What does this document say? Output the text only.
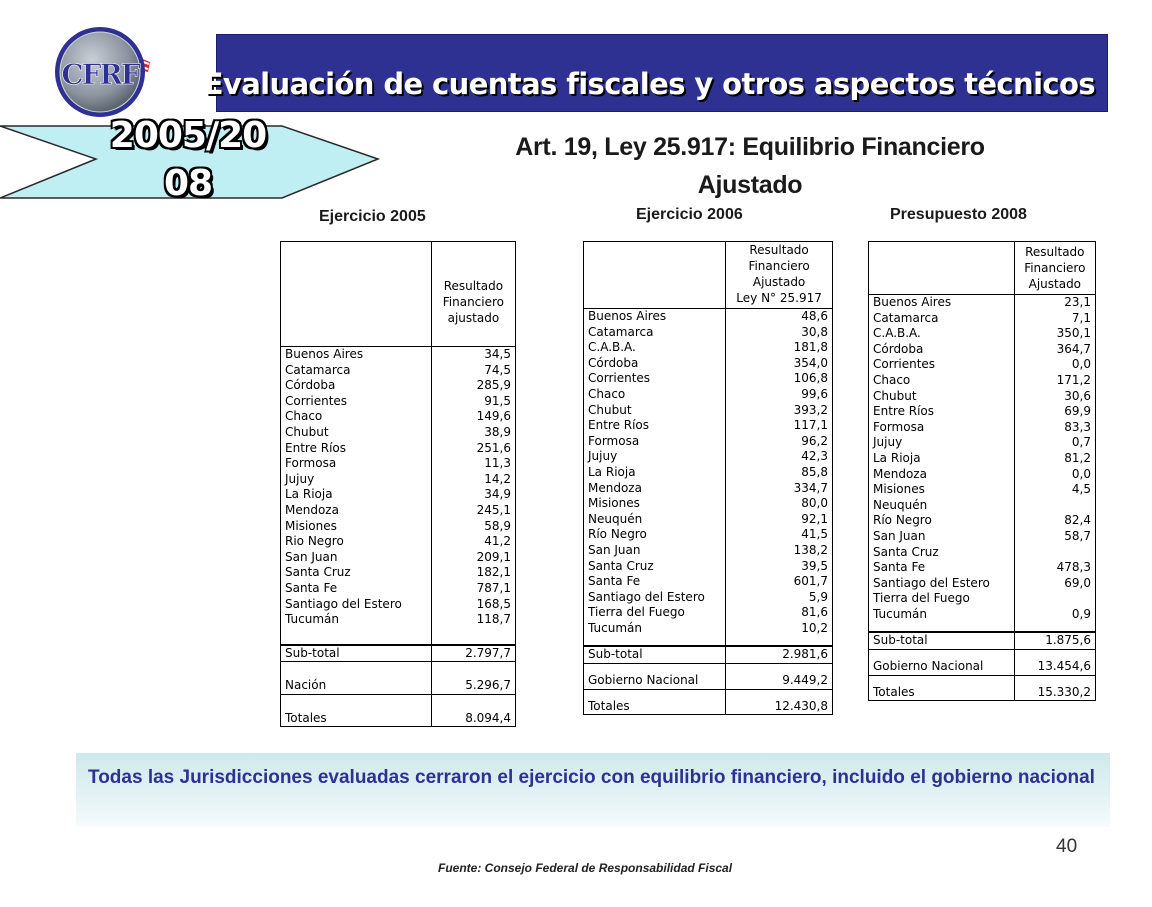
CFRF Evaluación de cuentas fiscales y otros aspectos técnicos
2005/20
08
Art. 19, Ley 25.917: Equilibrio Financiero
Ajustado
Ejercicio 2005	Ejercicio 2006	Presupuesto 2008

	Resultado
Financiero
ajustado

Buenos Aires	34,5
Catamarca	74,5
Córdoba	285,9
Corrientes	91,5
Chaco	149,6
Chubut	38,9
Entre Ríos	251,6
Formosa	11,3
Jujuy	14,2
La Rioja	34,9
Mendoza	245,1
Misiones	58,9
Rio Negro	41,2
San Juan	209,1
Santa Cruz	182,1
Santa Fe	787,1
Santiago del Estero	168,5
Tucumán	118,7

Sub-total	2.797,7

Nación	5.296,7

Totales	8.094,4

	Resultado
Financiero
Ajustado
Ley N° 25.917

Buenos Aires	48,6
Catamarca	30,8
C.A.B.A.	181,8
Córdoba	354,0
Corrientes	106,8
Chaco	99,6
Chubut	393,2
Entre Ríos	117,1
Formosa	96,2
Jujuy	42,3
La Rioja	85,8
Mendoza	334,7
Misiones	80,0
Neuquén	92,1
Río Negro	41,5
San Juan	138,2
Santa Cruz	39,5
Santa Fe	601,7
Santiago del Estero	5,9
Tierra del Fuego	81,6
Tucumán	10,2

Sub-total	2.981,6

Gobierno Nacional	9.449,2

Totales	12.430,8

	Resultado
Financiero
Ajustado

Buenos Aires	23,1
Catamarca	7,1
C.A.B.A.	350,1
Córdoba	364,7
Corrientes	0,0
Chaco	171,2
Chubut	30,6
Entre Ríos	69,9
Formosa	83,3
Jujuy	0,7
La Rioja	81,2
Mendoza	0,0
Misiones	4,5
Neuquén	
Río Negro	82,4
San Juan	58,7
Santa Cruz	
Santa Fe	478,3
Santiago del Estero	69,0
Tierra del Fuego	
Tucumán	0,9

Sub-total	1.875,6

Gobierno Nacional	13.454,6

Totales	15.330,2
Todas las Jurisdicciones evaluadas cerraron el ejercicio con equilibrio financiero, incluido el gobierno nacional
40
Fuente: Consejo Federal de Responsabilidad Fiscal
